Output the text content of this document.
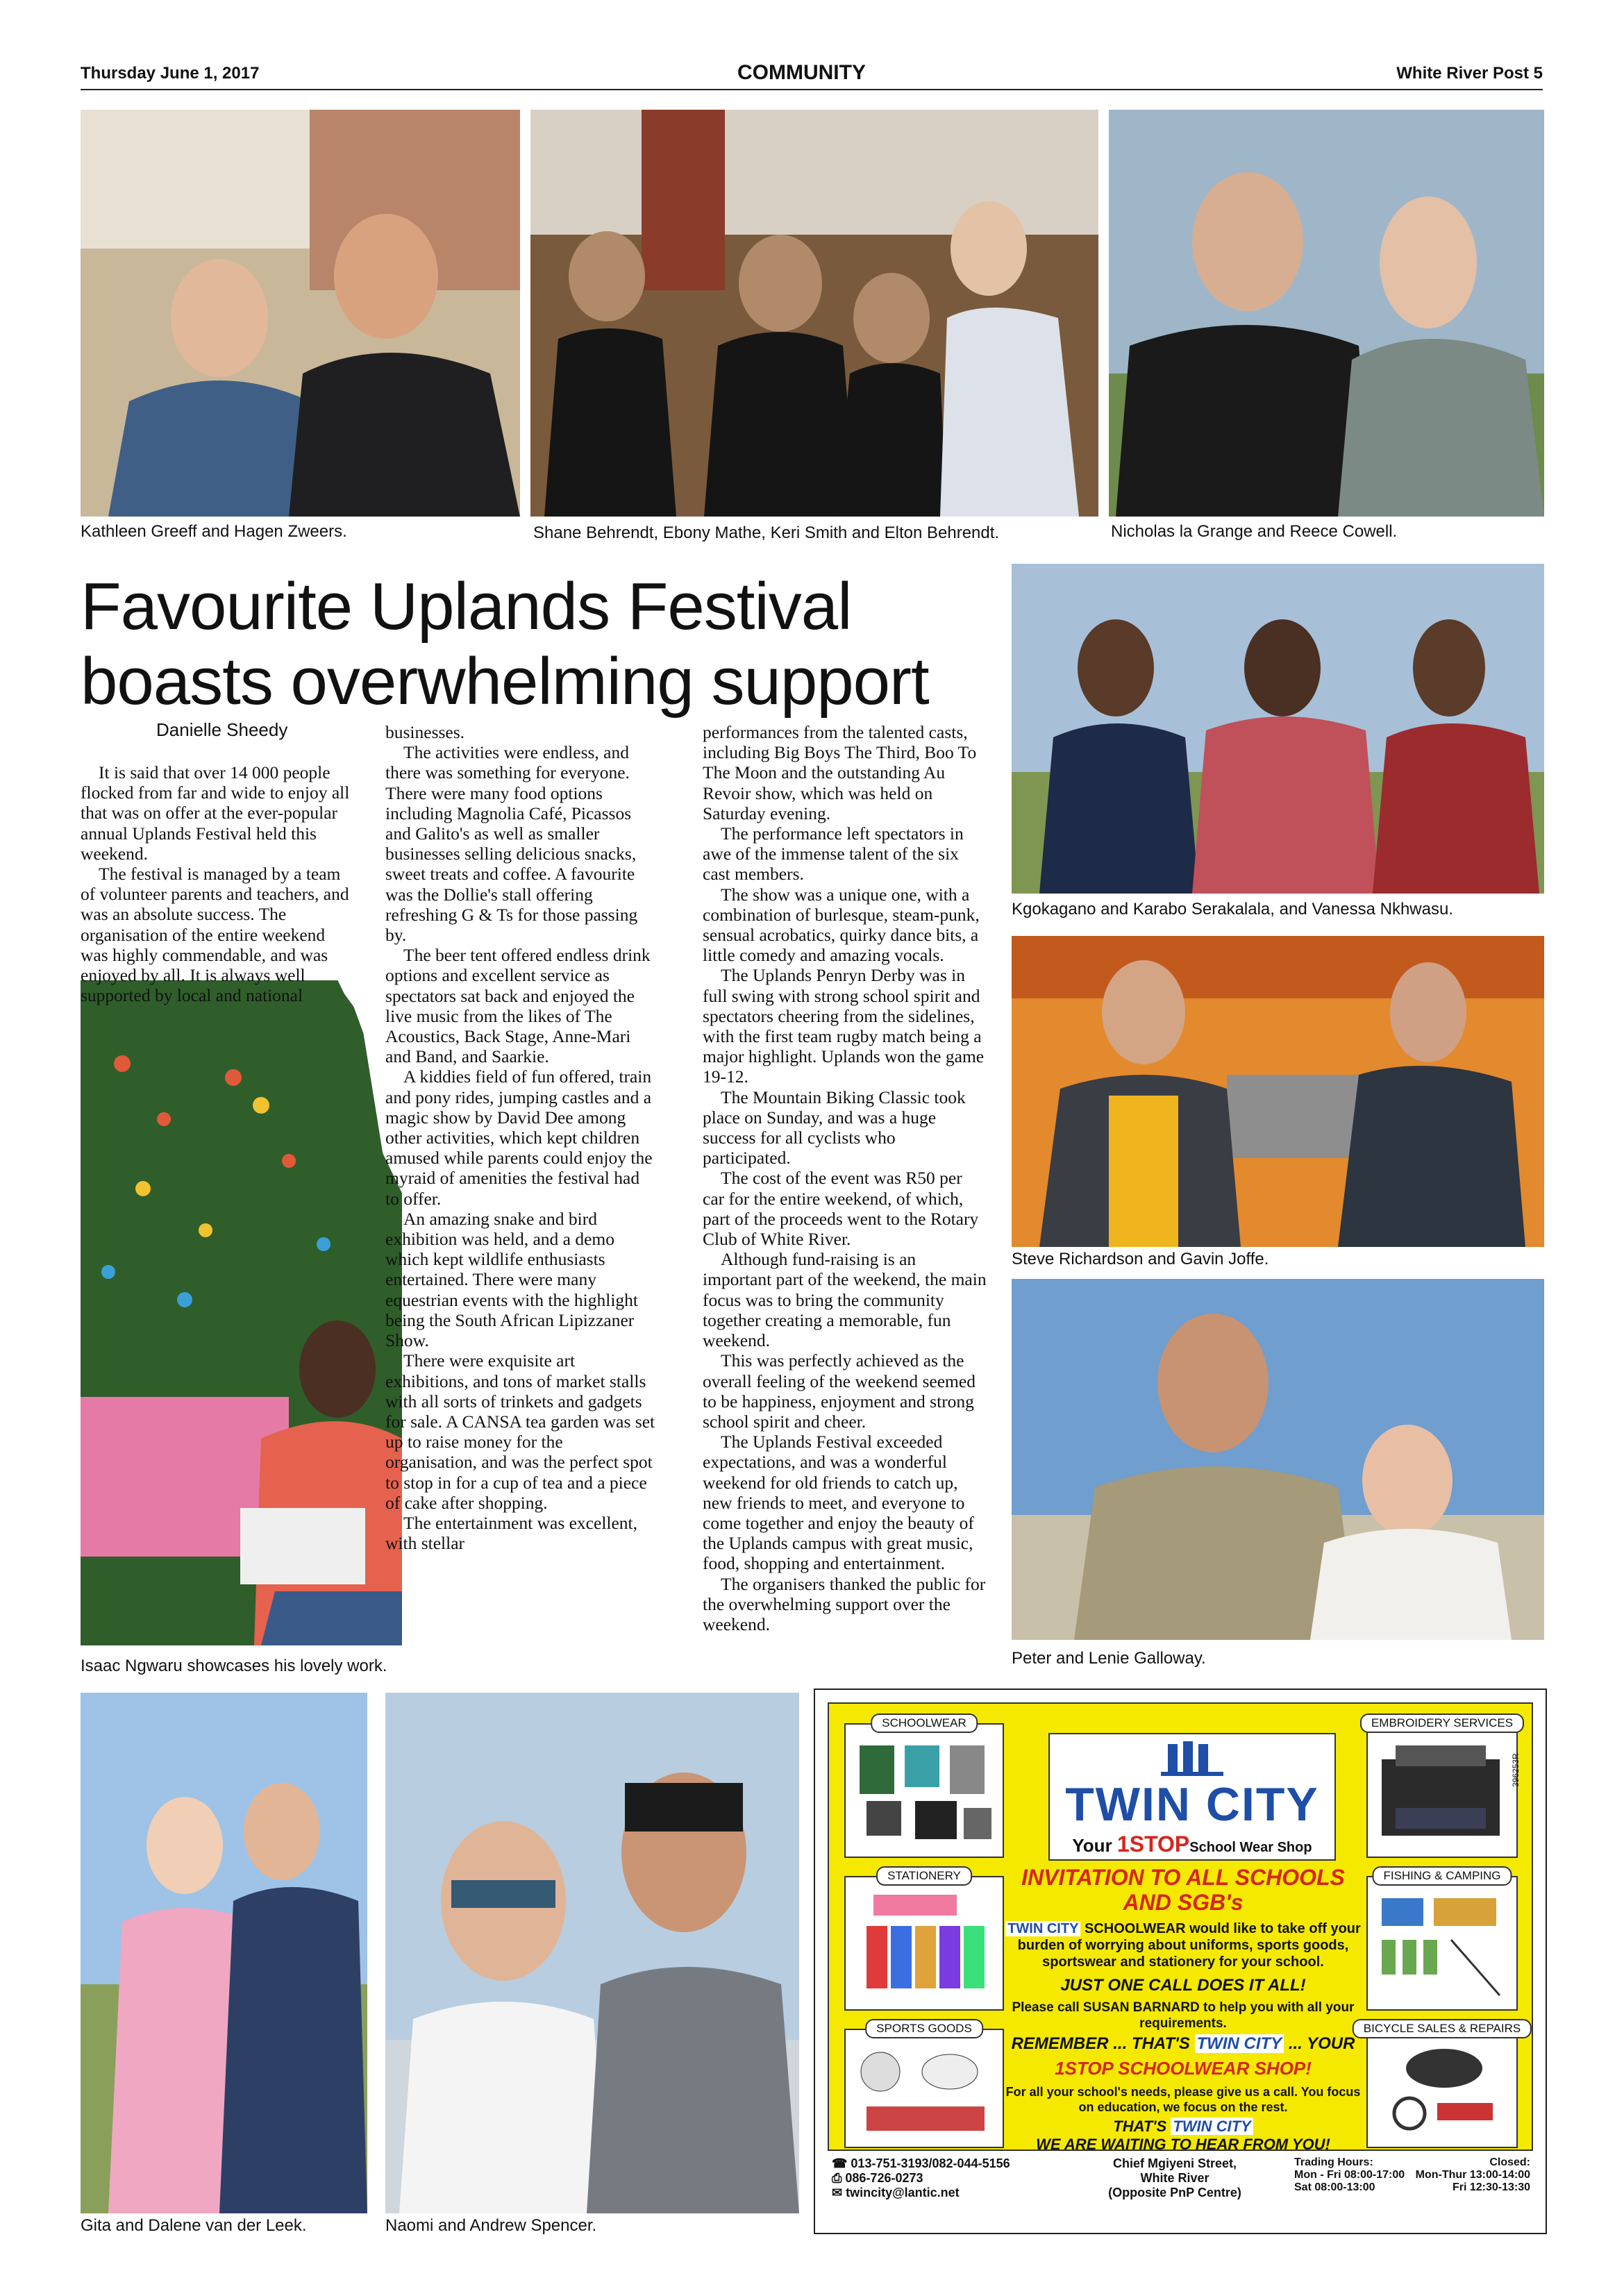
Thursday June 1, 2017	COMMUNITY	White River Post 5
Kathleen Greeff and Hagen Zweers.	Shane Behrendt, Ebony Mathe, Keri Smith and Elton Behrendt.	Nicholas la Grange and Reece Cowell.
Favourite Uplands Festival
boasts overwhelming support
Danielle Sheedy
Kgokagano and Karabo Serakalala, and Vanessa Nkhwasu.
Steve Richardson and Gavin Joffe.
Peter and Lenie Galloway.
Isaac Ngwaru showcases his lovely work.

It is said that over 14 000 people flocked from far and wide to enjoy all that was on offer at the ever-popular annual Uplands Festival held this weekend.

The festival is managed by a team of volunteer parents and teachers, and was an absolute success. The organisation of the entire weekend was highly commendable, and was enjoyed by all. It is always well supported by local and national

businesses.

The activities were endless, and there was something for everyone. There were many food options including Magnolia Café, Picassos and Galito's as well as smaller businesses selling delicious snacks, sweet treats and coffee. A favourite was the Dollie's stall offering refreshing G & Ts for those passing by.

The beer tent offered endless drink options and excellent service as spectators sat back and enjoyed the live music from the likes of The Acoustics, Back Stage, Anne-Mari and Band, and Saarkie.

A kiddies field of fun offered, train and pony rides, jumping castles and a magic show by David Dee among other activities, which kept children amused while parents could enjoy the myraid of amenities the festival had to offer.

An amazing snake and bird exhibition was held, and a demo which kept wildlife enthusiasts entertained. There were many equestrian events with the highlight being the South African Lipizzaner Show.

There were exquisite art exhibitions, and tons of market stalls with all sorts of trinkets and gadgets for sale. A CANSA tea garden was set up to raise money for the organisation, and was the perfect spot to stop in for a cup of tea and a piece of cake after shopping.

The entertainment was excellent, with stellar

performances from the talented casts, including Big Boys The Third, Boo To The Moon and the outstanding Au Revoir show, which was held on Saturday evening.

The performance left spectators in awe of the immense talent of the six cast members.

The show was a unique one, with a combination of burlesque, steam-punk, sensual acrobatics, quirky dance bits, a little comedy and amazing vocals.

The Uplands Penryn Derby was in full swing with strong school spirit and spectators cheering from the sidelines, with the first team rugby match being a major highlight. Uplands won the game 19-12.

The Mountain Biking Classic took place on Sunday, and was a huge success for all cyclists who participated.

The cost of the event was R50 per car for the entire weekend, of which, part of the proceeds went to the Rotary Club of White River.

Although fund-raising is an important part of the weekend, the main focus was to bring the community together creating a memorable, fun weekend.

This was perfectly achieved as the overall feeling of the weekend seemed to be happiness, enjoyment and strong school spirit and cheer.

The Uplands Festival exceeded expectations, and was a wonderful weekend for old friends to catch up, new friends to meet, and everyone to come together and enjoy the beauty of the Uplands campus with great music, food, shopping and entertainment.

The organisers thanked the public for the overwhelming support over the weekend.

Gita and Dalene van der Leek.	Naomi and Andrew Spencer.
SCHOOLWEAR
STATIONERY
SPORTS GOODS
EMBROIDERY SERVICES
FISHING & CAMPING
BICYCLE SALES & REPAIRS
TWIN CITY
Your 1STOPSchool Wear Shop
INVITATION TO ALL SCHOOLS AND SGB's
TWIN CITY SCHOOLWEAR would like to take off your burden of worrying about uniforms, sports goods, sportswear and stationery for your school.
JUST ONE CALL DOES IT ALL!
Please call SUSAN BARNARD to help you with all your requirements.
REMEMBER ... THAT'S TWIN CITY ... YOUR
1STOP SCHOOLWEAR SHOP!
For all your school's needs, please give us a call. You focus on education, we focus on the rest.
THAT'S TWIN CITY
WE ARE WAITING TO HEAR FROM YOU!
396253R
☎ 013-751-3193/082-044-5156
⎙ 086-726-0273
✉ twincity@lantic.net
Chief Mgiyeni Street,
White River
(Opposite PnP Centre)
Trading Hours:	Closed:
Mon - Fri 08:00-17:00 Mon-Thur 13:00-14:00
Sat 08:00-13:00	Fri 12:30-13:30
